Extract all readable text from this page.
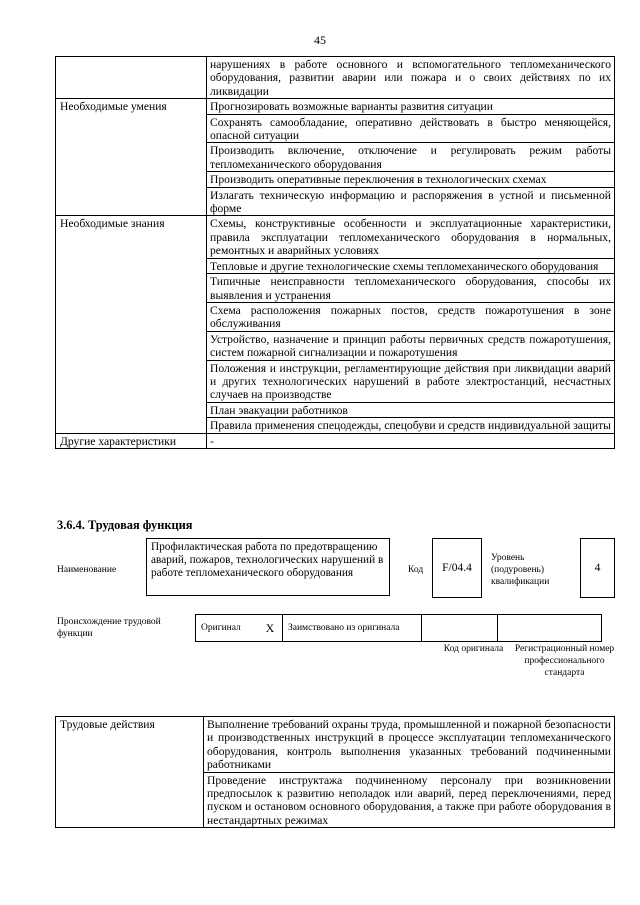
45
	нарушениях в работе основного и вспомогательного тепломеханического оборудования, развитии аварии или пожара и о своих действиях по их ликвидации
Необходимые умения	Прогнозировать возможные варианты развития ситуации
	Сохранять самообладание, оперативно действовать в быстро меняющейся, опасной ситуации
	Производить включение, отключение и регулировать режим работы тепломеханического оборудования
	Производить оперативные переключения в технологических схемах
	Излагать техническую информацию и распоряжения в устной и письменной форме
Необходимые знания	Схемы, конструктивные особенности и эксплуатационные характеристики, правила эксплуатации тепломеханического оборудования в нормальных, ремонтных и аварийных условиях
	Тепловые и другие технологические схемы тепломеханического оборудования
	Типичные неисправности тепломеханического оборудования, способы их выявления и устранения
	Схема расположения пожарных постов, средств пожаротушения в зоне обслуживания
	Устройство, назначение и принцип работы первичных средств пожаротушения, систем пожарной сигнализации и пожаротушения
	Положения и инструкции, регламентирующие действия при ликвидации аварий и других технологических нарушений в работе электростанций, несчастных случаев на производстве
	План эвакуации работников
	Правила применения спецодежды, спецобуви и средств индивидуальной защиты
Другие характеристики	-
3.6.4. Трудовая функция
Наименование
Профилактическая работа по предотвращению аварий, пожаров, технологических нарушений в работе тепломеханического оборудования	Код	F/04.4
Уровень (подуровень) квалификации
4
Происхождение трудовой функции
Оригинал	X	Заимствовано из оригинала		
Код оригинала	Регистрационный номер профессионального стандарта
Трудовые действия	Выполнение требований охраны труда, промышленной и пожарной безопасности и производственных инструкций в процессе эксплуатации тепломеханического оборудования, контроль выполнения указанных требований подчиненными работниками
Проведение инструктажа подчиненному персоналу при возникновении предпосылок к развитию неполадок или аварий, перед переключениями, перед пуском и остановом основного оборудования, а также при работе оборудования в нестандартных режимах
